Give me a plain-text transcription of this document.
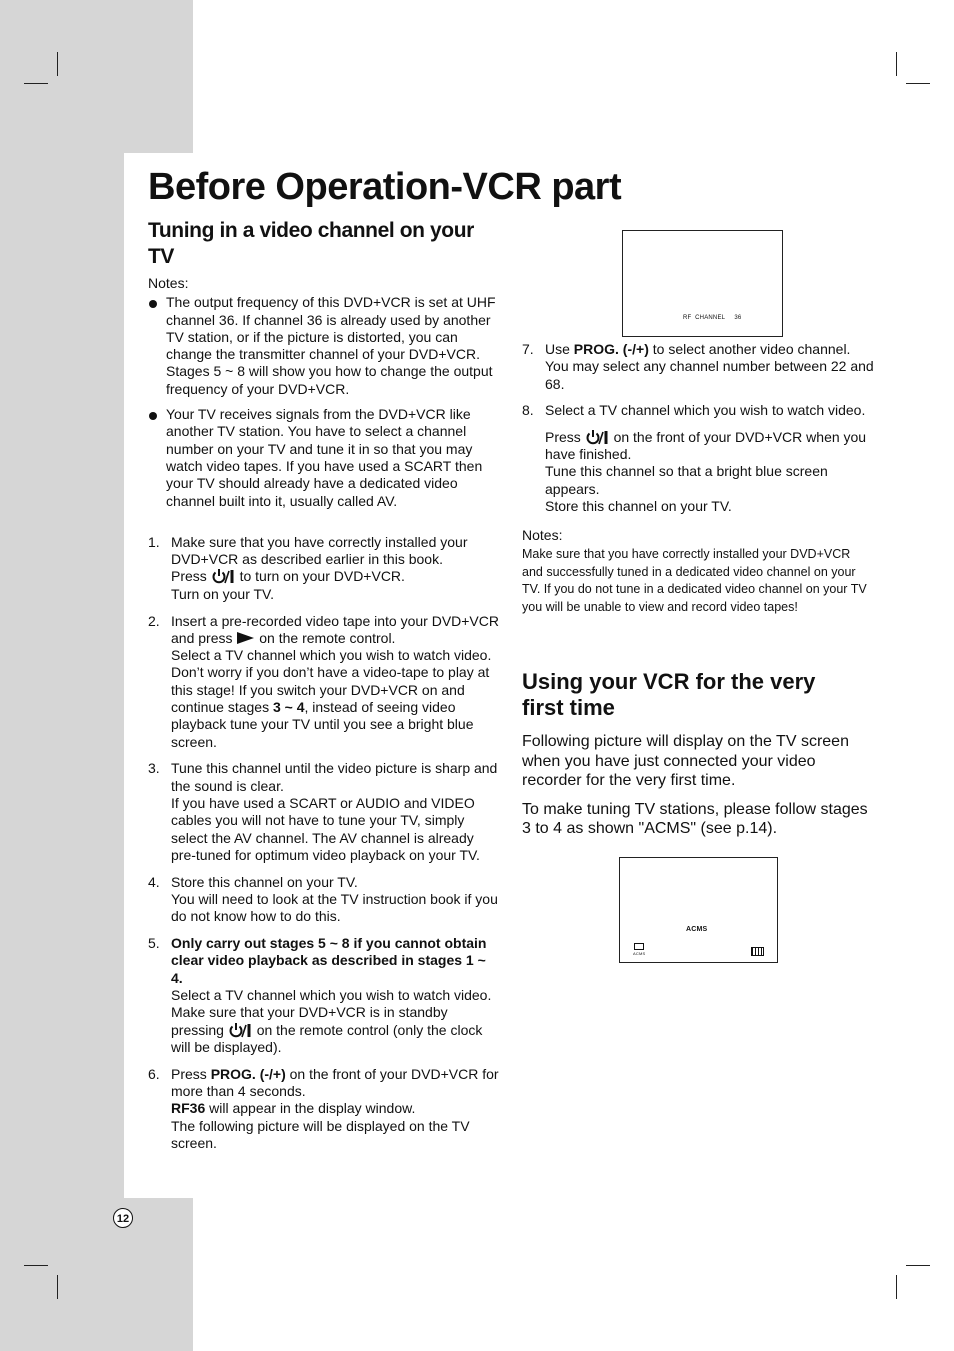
Before Operation-VCR part
Tuning in a video channel on your TV

Notes:

The output frequency of this DVD+VCR is set at UHF channel 36. If channel 36 is already used by another TV station, or if the picture is distorted, you can change the transmitter channel of your DVD+VCR. Stages 5 ~ 8 will show you how to change the output frequency of your DVD+VCR.
Your TV receives signals from the DVD+VCR like another TV station. You have to select a channel number on your TV and tune it in so that you may watch video tapes. If you have used a SCART then your TV should already have a dedicated video channel built into it, usually called AV.
1. Make sure that you have correctly installed your DVD+VCR as described earlier in this book.
Press to turn on your DVD+VCR.
Turn on your TV.
2. Insert a pre-recorded video tape into your DVD+VCR and press on the remote control.
Select a TV channel which you wish to watch video.
Don’t worry if you don’t have a video-tape to play at this stage! If you switch your DVD+VCR on and continue stages 3 ~ 4, instead of seeing video playback tune your TV until you see a bright blue screen.
3. Tune this channel until the video picture is sharp and the sound is clear.
If you have used a SCART or AUDIO and VIDEO cables you will not have to tune your TV, simply select the AV channel. The AV channel is already pre-tuned for optimum video playback on your TV.
4. Store this channel on your TV.
You will need to look at the TV instruction book if you do not know how to do this.
5. Only carry out stages 5 ~ 8 if you cannot obtain clear video playback as described in stages 1 ~ 4.
Select a TV channel which you wish to watch video.
Make sure that your DVD+VCR is in standby pressing on the remote control (only the clock will be displayed).
6. Press PROG. (-/+) on the front of your DVD+VCR for more than 4 seconds.
RF36 will appear in the display window.
The following picture will be displayed on the TV screen.
RF  CHANNEL     36
7. Use PROG. (-/+) to select another video channel. You may select any channel number between 22 and 68.
8. Select a TV channel which you wish to watch video.
Press on the front of your DVD+VCR when you have finished.
Tune this channel so that a bright blue screen appears.
Store this channel on your TV.

Notes:

Make sure that you have correctly installed your DVD+VCR and successfully tuned in a dedicated video channel on your TV. If you do not tune in a dedicated video channel on your TV you will be unable to view and record video tapes!

Using your VCR for the very first time

Following picture will display on the TV screen when you have just connected your video recorder for the very first time.

To make tuning TV stations, please follow stages 3 to 4 as shown "ACMS" (see p.14).

ACMS
ACMS
12
